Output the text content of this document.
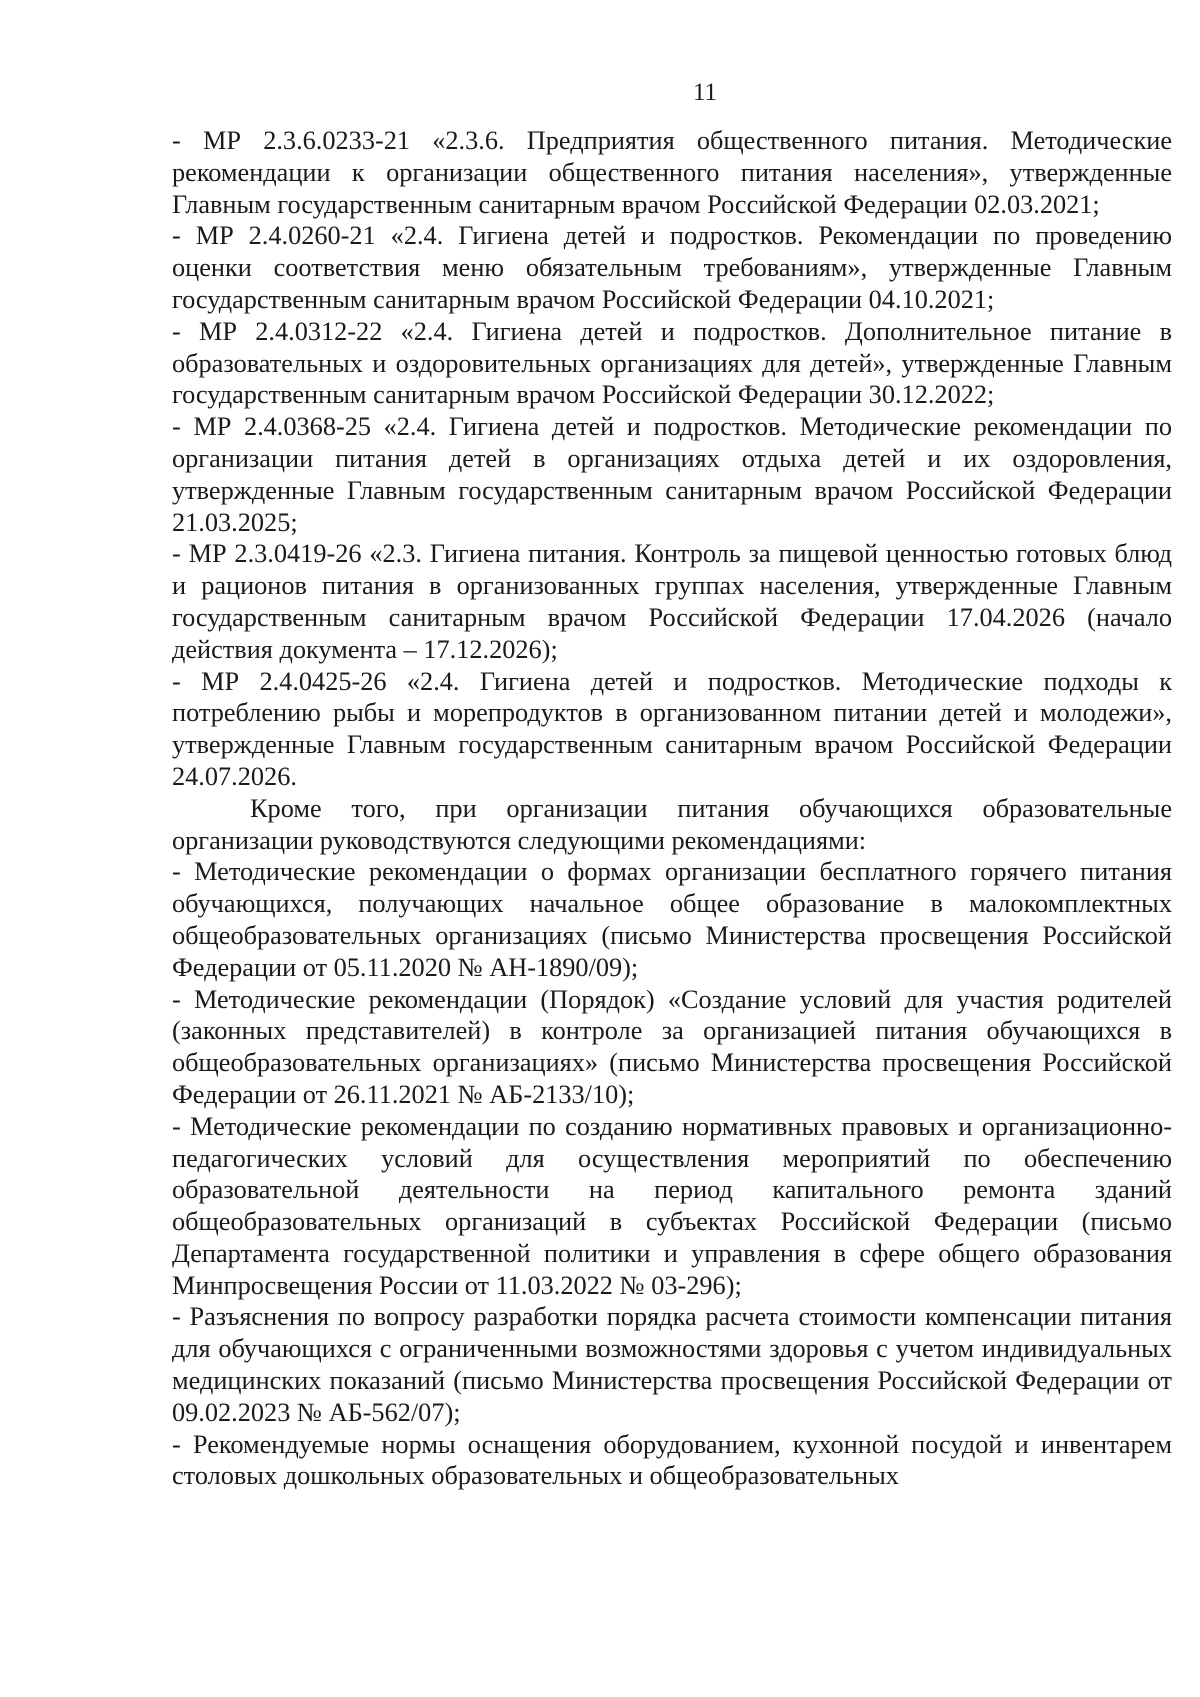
11

- МР 2.3.6.0233-21 «2.3.6. Предприятия общественного питания. Методические рекомендации к организации общественного питания населения», утвержденные Главным государственным санитарным врачом Российской Федерации 02.03.2021;

- МР 2.4.0260-21 «2.4. Гигиена детей и подростков. Рекомендации по проведению оценки соответствия меню обязательным требованиям», утвержденные Главным государственным санитарным врачом Российской Федерации 04.10.2021;

- МР 2.4.0312-22 «2.4. Гигиена детей и подростков. Дополнительное питание в образовательных и оздоровительных организациях для детей», утвержденные Главным государственным санитарным врачом Российской Федерации 30.12.2022;

- МР 2.4.0368-25 «2.4. Гигиена детей и подростков. Методические рекомендации по организации питания детей в организациях отдыха детей и их оздоровления, утвержденные Главным государственным санитарным врачом Российской Федерации 21.03.2025;

- МР 2.3.0419-26 «2.3. Гигиена питания. Контроль за пищевой ценностью готовых блюд и рационов питания в организованных группах населения, утвержденные Главным государственным санитарным врачом Российской Федерации 17.04.2026 (начало действия документа – 17.12.2026);

- МР 2.4.0425-26 «2.4. Гигиена детей и подростков. Методические подходы к потреблению рыбы и морепродуктов в организованном питании детей и молодежи», утвержденные Главным государственным санитарным врачом Российской Федерации 24.07.2026.

Кроме того, при организации питания обучающихся образовательные организации руководствуются следующими рекомендациями:

- Методические рекомендации о формах организации бесплатного горячего питания обучающихся, получающих начальное общее образование в малокомплектных общеобразовательных организациях (письмо Министерства просвещения Российской Федерации от 05.11.2020 № АН-1890/09);

- Методические рекомендации (Порядок) «Создание условий для участия родителей (законных представителей) в контроле за организацией питания обучающихся в общеобразовательных организациях» (письмо Министерства просвещения Российской Федерации от 26.11.2021 № АБ-2133/10);

- Методические рекомендации по созданию нормативных правовых и организационно-педагогических условий для осуществления мероприятий по обеспечению образовательной деятельности на период капитального ремонта зданий общеобразовательных организаций в субъектах Российской Федерации (письмо Департамента государственной политики и управления в сфере общего образования Минпросвещения России от 11.03.2022 № 03-296);

- Разъяснения по вопросу разработки порядка расчета стоимости компенсации питания для обучающихся с ограниченными возможностями здоровья с учетом индивидуальных медицинских показаний (письмо Министерства просвещения Российской Федерации от 09.02.2023 № АБ-562/07);

- Рекомендуемые нормы оснащения оборудованием, кухонной посудой и инвентарем столовых дошкольных образовательных и общеобразовательных
